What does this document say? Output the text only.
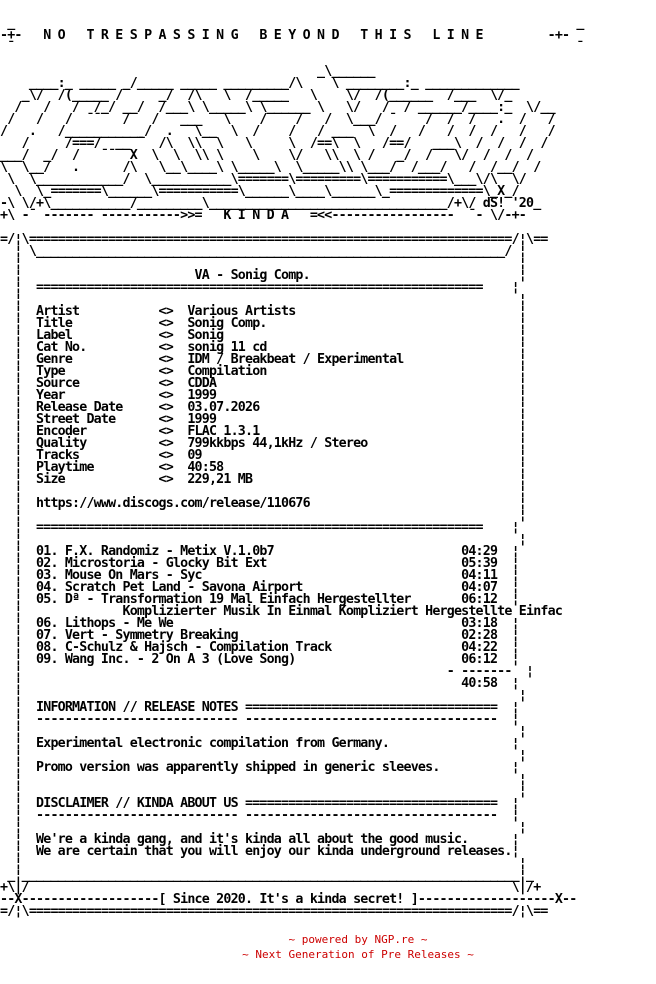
_                                                                              _
-+-   N O   T R E S P A S S I N G   B E Y O N D   T H I S   L I N E         -+-
¯                                                                              ¯

_\______
____:_ _____ _/_____ _____ _________/\    \ ________:_ _____________
_\/  /(_____ /     _/  /\   \  /_____   \    \/  /(______  /___  \/_
/   /   /  /_/ __/  /___\ \_____\ \______ \   \/   /  / ______/____:_  \/__
/   /   /  ¯¯   /   /   ___   \    /    /   /  \___/ ¯    /  /  /   .  /   /
/   .   /___________/  .   \__  \  /    /   / ___  \  /   /   /  /  /   /   /
/     /===/  __ ¯  /\  \\  \   \     \  /==\  \   /==/   ___\  /  /  /  /
___/  _/  /   ¯¯  X  \  \  \\ \    \    \/   \\  \ /   _/  /   \/  /  /  /
\  \__/   .      /\   \__\____\ \_____\  \_____\\ \___/  /___/   /  /__/  /
\  \____________/  \___________\=======\=========\===========\___\/\  \/
\  \_=======\______\===========\______\____\______\_=============\_X_/
-\ \/+\___________/_________\_________________________________/+\/ dS! '20_
+\ -¯ ------- ----------->>=   K I N D A   =<<-----------------  ¯- \/-+-

=/¦\===================================================================/¦\==
¦ \_________________________________________________________________/ ¦
¦                                                                     ¦
¦                        VA - Sonig Comp.                             ¦
¦  ==============================================================    ¦
¦                                                                     ¦
¦  Artist           <>  Various Artists                               ¦
¦  Title            <>  Sonig Comp.                                   ¦
¦  Label            <>  Sonig                                         ¦
¦  Cat No.          <>  sonig 11 cd                                   ¦
¦  Genre            <>  IDM / Breakbeat / Experimental                ¦
¦  Type             <>  Compilation                                   ¦
¦  Source           <>  CDDA                                          ¦
¦  Year             <>  1999                                          ¦
¦  Release Date     <>  03.07.2026                                    ¦
¦  Street Date      <>  1999                                          ¦
¦  Encoder          <>  FLAC 1.3.1                                    ¦
¦  Quality          <>  799kkbps 44,1kHz / Stereo                     ¦
¦  Tracks           <>  09                                            ¦
¦  Playtime         <>  40:58                                         ¦
¦  Size             <>  229,21 MB                                     ¦
¦                                                                     ¦
¦  https://www.discogs.com/release/110676                             ¦
¦                                                                     ¦
¦  ==============================================================    ¦
¦                                                                     ¦
¦  01. F.X. Randomiz - Metix V.1.0b7                          04:29  ¦
¦  02. Microstoria - Glocky Bit Ext                           05:39  ¦
¦  03. Mouse On Mars - Syc                                    04:11  ¦
¦  04. Scratch Pet Land - Savona Airport                      04:07  ¦
¦  05. Dª - Transformation 19 Mal Einfach Hergestellter       06:12  ¦
¦              Komplizierter Musik In Einmal Kompliziert Hergestellte Einfac
¦  06. Lithops - Me We                                        03:18  ¦
¦  07. Vert - Symmetry Breaking                               02:28  ¦
¦  08. C-Schulz & Hajsch - Compilation Track                  04:22  ¦
¦  09. Wang Inc. - 2 On A 3 (Love Song)                       06:12  ¦
¦                                                           - -------  ¦
¦                                                             40:58  ¦
¦                                                                     ¦
¦  INFORMATION // RELEASE NOTES ===================================  ¦
¦  ---------------------------- -----------------------------------  ¦
¦                                                                     ¦
¦  Experimental electronic compilation from Germany.                 ¦
¦                                                                     ¦
¦  Promo version was apparently shipped in generic sleeves.          ¦
¦                                                                     ¦
¦                                                                     ¦
¦  DISCLAIMER // KINDA ABOUT US ===================================  ¦
¦  ---------------------------- -----------------------------------  ¦
¦                                                                     ¦
¦  We're a kinda gang, and it's kinda all about the good music.      ¦
¦  We are certain that you will enjoy our kinda underground releases.¦
¦                                                                     ¦
_¦_____________________________________________________________________¦_
+\|/                                                                   \|/+
--X-------------------[ Since 2020. It's a kinda secret! ]-------------------X--
=/¦\===================================================================/¦\==

~ powered by NGP.re ~
~ Next Generation of Pre Releases ~
